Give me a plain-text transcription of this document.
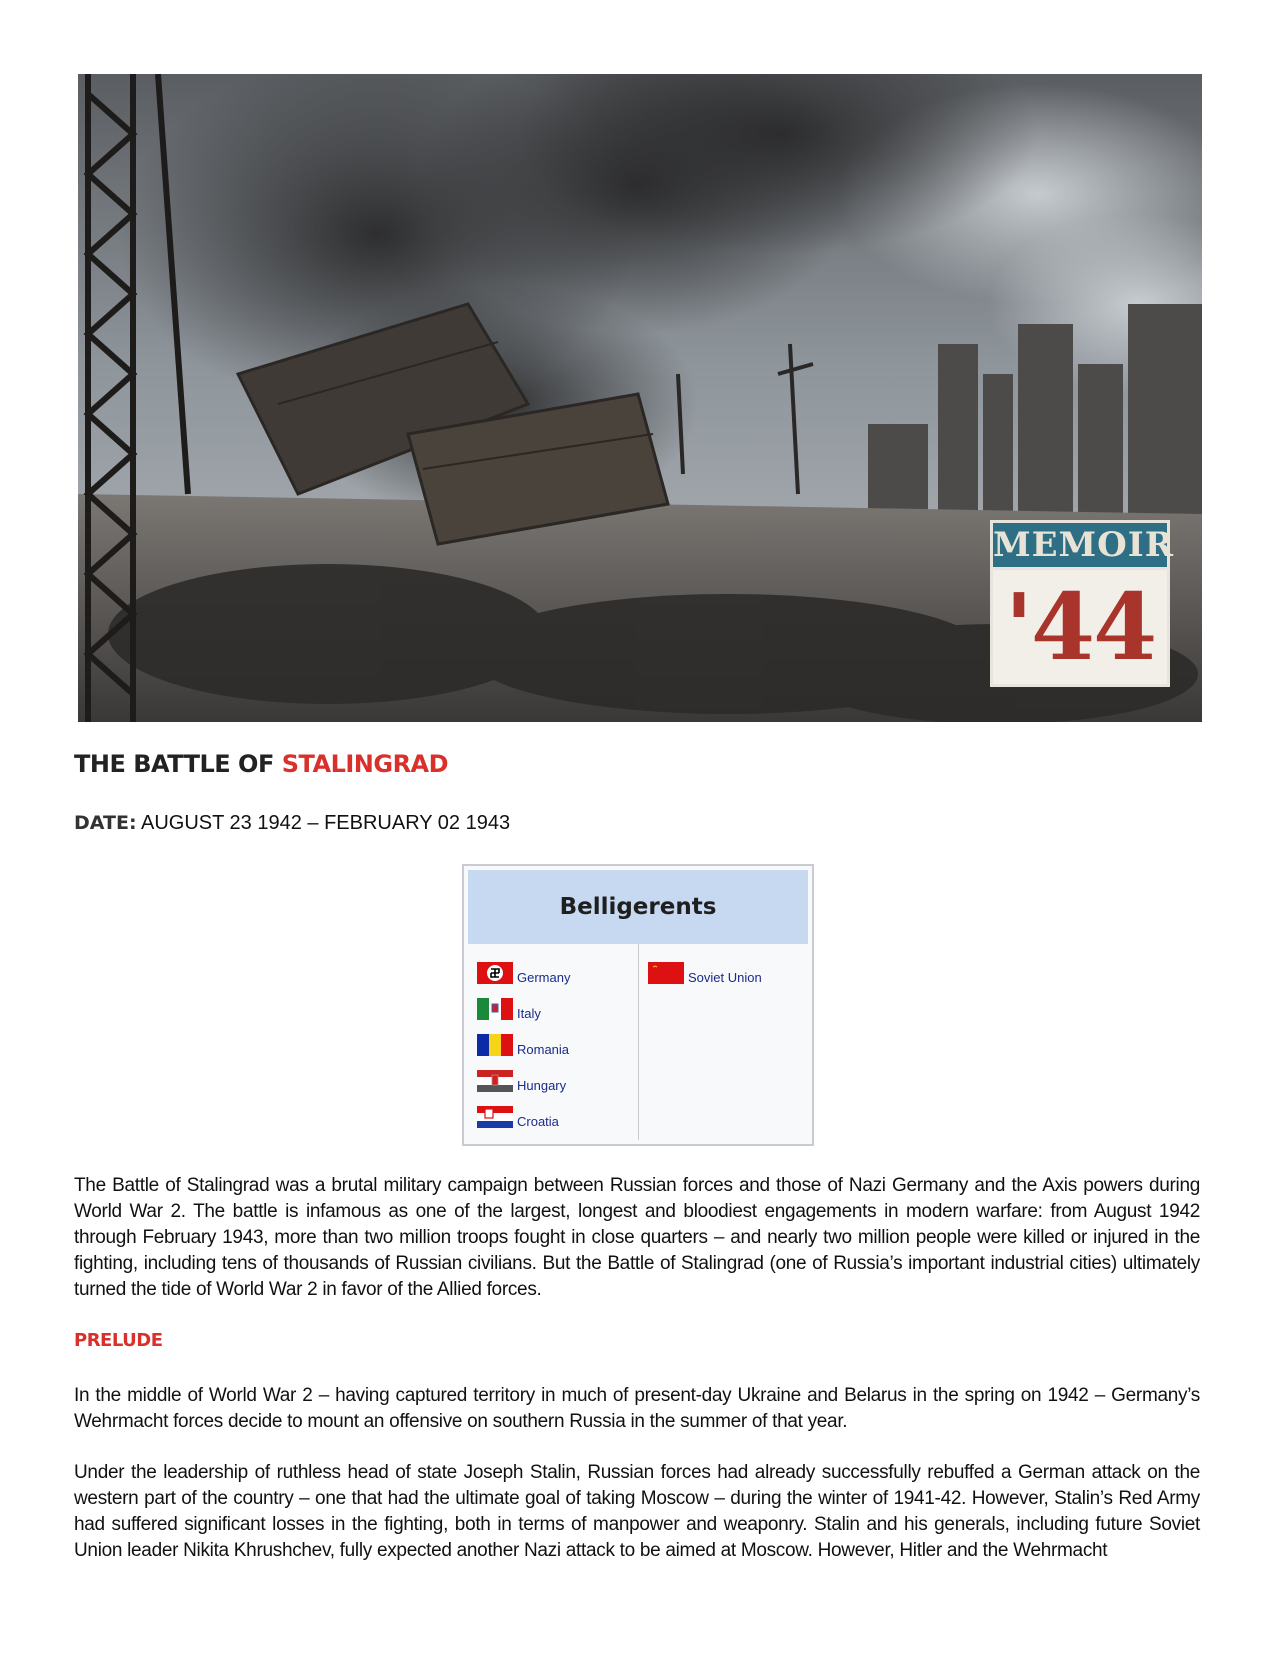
MEMOIR
'44
THE BATTLE OF STALINGRAD
DATE: AUGUST 23 1942 – FEBRUARY 02 1943
Belligerents
Germany
Italy
Romania
Hungary
Croatia
Soviet Union
The Battle of Stalingrad was a brutal military campaign between Russian forces and those of Nazi Germany and the Axis powers during World War 2. The battle is infamous as one of the largest, longest and bloodiest engagements in modern warfare: from August 1942 through February 1943, more than two million troops fought in close quarters – and nearly two million people were killed or injured in the fighting, including tens of thousands of Russian civilians. But the Battle of Stalingrad (one of Russia’s important industrial cities) ultimately turned the tide of World War 2 in favor of the Allied forces.
PRELUDE
In the middle of World War 2 – having captured territory in much of present-day Ukraine and Belarus in the spring on 1942 – Germany’s Wehrmacht forces decide to mount an offensive on southern Russia in the summer of that year.
Under the leadership of ruthless head of state Joseph Stalin, Russian forces had already successfully rebuffed a German attack on the western part of the country – one that had the ultimate goal of taking Moscow – during the winter of 1941-42. However, Stalin’s Red Army had suffered significant losses in the fighting, both in terms of manpower and weaponry. Stalin and his generals, including future Soviet Union leader Nikita Khrushchev, fully expected another Nazi attack to be aimed at Moscow. However, Hitler and the Wehrmacht
